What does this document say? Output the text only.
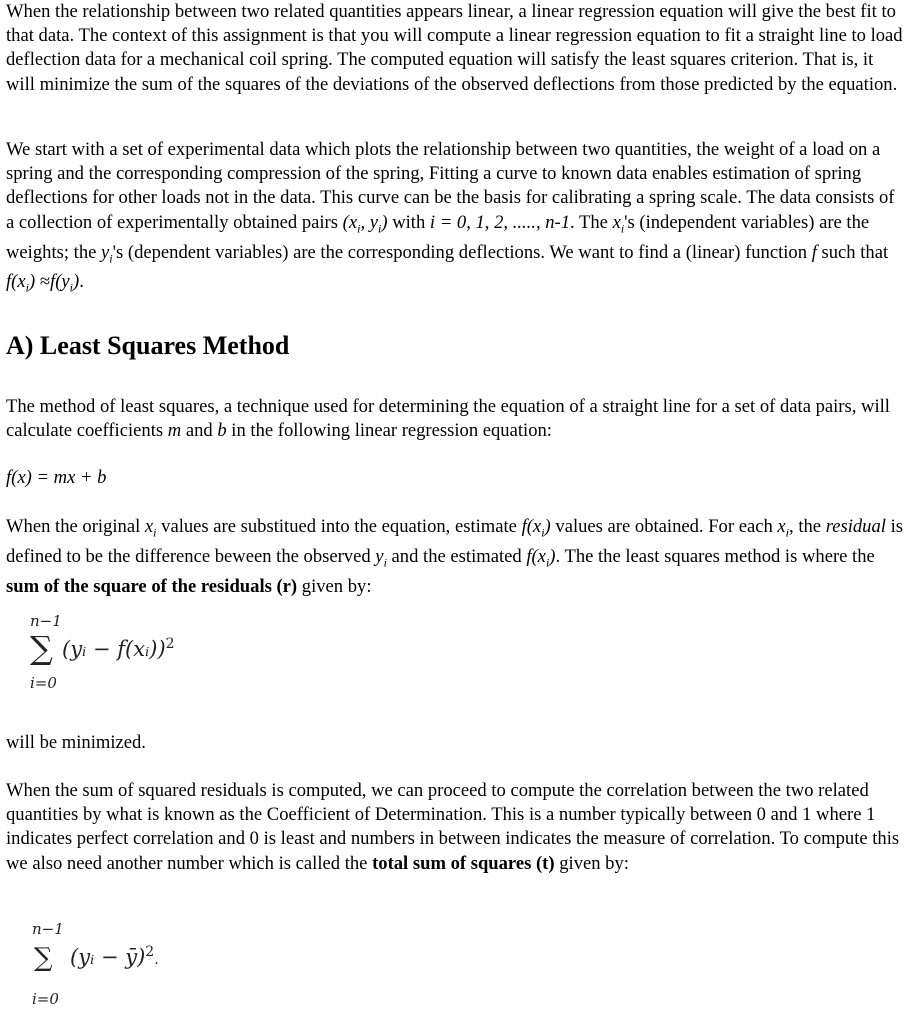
When the relationship between two related quantities appears linear, a linear regression equation will give the best fit to that data. The context of this assignment is that you will compute a linear regression equation to fit a straight line to load deflection data for a mechanical coil spring. The computed equation will satisfy the least squares criterion. That is, it will minimize the sum of the squares of the deviations of the observed deflections from those predicted by the equation.

We start with a set of experimental data which plots the relationship between two quantities, the weight of a load on a spring and the corresponding compression of the spring, Fitting a curve to known data enables estimation of spring deflections for other loads not in the data. This curve can be the basis for calibrating a spring scale. The data consists of a collection of experimentally obtained pairs ($x_i$, $y_i$) with i = 0, 1, 2, ....., n-1. The $x_i's$ (independent variables) are the weights; the $y_i's$ (dependent variables) are the corresponding deflections. We want to find a (linear) function f such that $f(x_i) \approx f(y_i)$.

A) Least Squares Method

The method of least squares, a technique used for determining the equation of a straight line for a set of data pairs, will calculate coefficients m and b in the following linear regression equation:

f(x) = mx + b

When the original $x_i$ values are substitued into the equation, estimate $f(x_i)$ values are obtained. For each $x_i$, the residual is defined to be the difference beween the observed $y_i$ and the estimated $f(x_i)$. The the least squares method is where the sum of the square of the residuals (r) given by:

n−1
∑ (yᵢ − f(xᵢ))$^2$
i=0

will be minimized.

When the sum of squared residuals is computed, we can proceed to compute the correlation between the two related quantities by what is known as the Coefficient of Determination. This is a number typically between 0 and 1 where 1 indicates perfect correlation and 0 is least and numbers in between indicates the measure of correlation. To compute this we also need another number which is called the total sum of squares (t) given by:

n−1
∑ (yᵢ − ȳ)$^2$.
i=0
